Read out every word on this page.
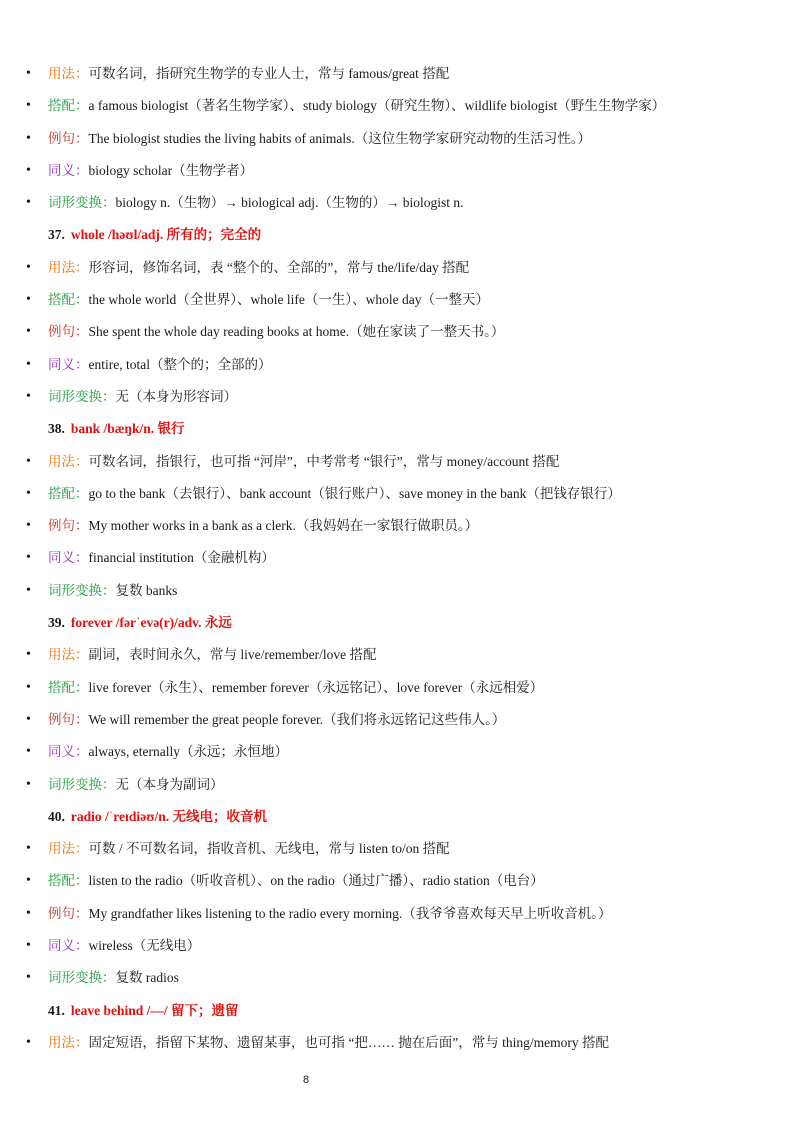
• 用法：可数名词，指研究生物学的专业人士，常与 famous/great 搭配
• 搭配：a famous biologist（著名生物学家）、study biology（研究生物）、wildlife biologist（野生生物学家）
• 例句：The biologist studies the living habits of animals.（这位生物学家研究动物的生活习性。）
• 同义：biology scholar（生物学者）
• 词形变换：biology n.（生物）→ biological adj.（生物的）→ biologist n.
37. whole /həʊl/adj. 所有的；完全的
• 用法：形容词，修饰名词，表 “整个的、全部的”，常与 the/life/day 搭配
• 搭配：the whole world（全世界）、whole life（一生）、whole day（一整天）
• 例句：She spent the whole day reading books at home.（她在家读了一整天书。）
• 同义：entire, total（整个的；全部的）
• 词形变换：无（本身为形容词）
38. bank /bæŋk/n. 银行
• 用法：可数名词，指银行，也可指 “河岸”，中考常考 “银行”，常与 money/account 搭配
• 搭配：go to the bank（去银行）、bank account（银行账户）、save money in the bank（把钱存银行）
• 例句：My mother works in a bank as a clerk.（我妈妈在一家银行做职员。）
• 同义：financial institution（金融机构）
• 词形变换：复数 banks
39. forever /fərˈevə(r)/adv. 永远
• 用法：副词，表时间永久，常与 live/remember/love 搭配
• 搭配：live forever（永生）、remember forever（永远铭记）、love forever（永远相爱）
• 例句：We will remember the great people forever.（我们将永远铭记这些伟人。）
• 同义：always, eternally（永远；永恒地）
• 词形变换：无（本身为副词）
40. radio /ˈreɪdiəʊ/n. 无线电；收音机
• 用法：可数 / 不可数名词，指收音机、无线电，常与 listen to/on 搭配
• 搭配：listen to the radio（听收音机）、on the radio（通过广播）、radio station（电台）
• 例句：My grandfather likes listening to the radio every morning.（我爷爷喜欢每天早上听收音机。）
• 同义：wireless（无线电）
• 词形变换：复数 radios
41. leave behind /—/ 留下；遗留
• 用法：固定短语，指留下某物、遗留某事，也可指 “把…… 抛在后面”，常与 thing/memory 搭配
8
